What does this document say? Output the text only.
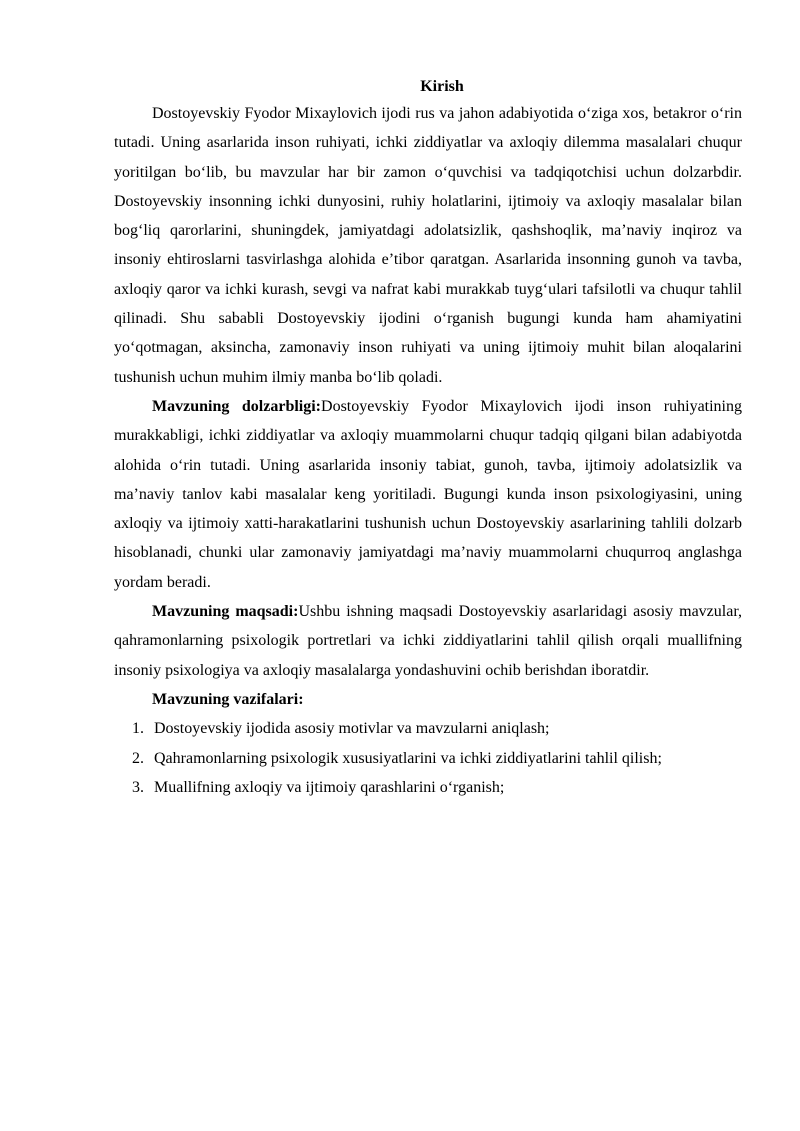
Kirish

Dostoyevskiy Fyodor Mixaylovich ijodi rus va jahon adabiyotida o‘ziga xos, betakror o‘rin tutadi. Uning asarlarida inson ruhiyati, ichki ziddiyatlar va axloqiy dilemma masalalari chuqur yoritilgan bo‘lib, bu mavzular har bir zamon o‘quvchisi va tadqiqotchisi uchun dolzarbdir. Dostoyevskiy insonning ichki dunyosini, ruhiy holatlarini, ijtimoiy va axloqiy masalalar bilan bog‘liq qarorlarini, shuningdek, jamiyatdagi adolatsizlik, qashshoqlik, ma’naviy inqiroz va insoniy ehtiroslarni tasvirlashga alohida e’tibor qaratgan. Asarlarida insonning gunoh va tavba, axloqiy qaror va ichki kurash, sevgi va nafrat kabi murakkab tuyg‘ulari tafsilotli va chuqur tahlil qilinadi. Shu sababli Dostoyevskiy ijodini o‘rganish bugungi kunda ham ahamiyatini yo‘qotmagan, aksincha, zamonaviy inson ruhiyati va uning ijtimoiy muhit bilan aloqalarini tushunish uchun muhim ilmiy manba bo‘lib qoladi.

Mavzuning dolzarbligi:Dostoyevskiy Fyodor Mixaylovich ijodi inson ruhiyatining murakkabligi, ichki ziddiyatlar va axloqiy muammolarni chuqur tadqiq qilgani bilan adabiyotda alohida o‘rin tutadi. Uning asarlarida insoniy tabiat, gunoh, tavba, ijtimoiy adolatsizlik va ma’naviy tanlov kabi masalalar keng yoritiladi. Bugungi kunda inson psixologiyasini, uning axloqiy va ijtimoiy xatti-harakatlarini tushunish uchun Dostoyevskiy asarlarining tahlili dolzarb hisoblanadi, chunki ular zamonaviy jamiyatdagi ma’naviy muammolarni chuqurroq anglashga yordam beradi.

Mavzuning maqsadi:Ushbu ishning maqsadi Dostoyevskiy asarlaridagi asosiy mavzular, qahramonlarning psixologik portretlari va ichki ziddiyatlarini tahlil qilish orqali muallifning insoniy psixologiya va axloqiy masalalarga yondashuvini ochib berishdan iboratdir.

Mavzuning vazifalari:
1. Dostoyevskiy ijodida asosiy motivlar va mavzularni aniqlash;
2. Qahramonlarning psixologik xususiyatlarini va ichki ziddiyatlarini tahlil qilish;
3. Muallifning axloqiy va ijtimoiy qarashlarini o‘rganish;
